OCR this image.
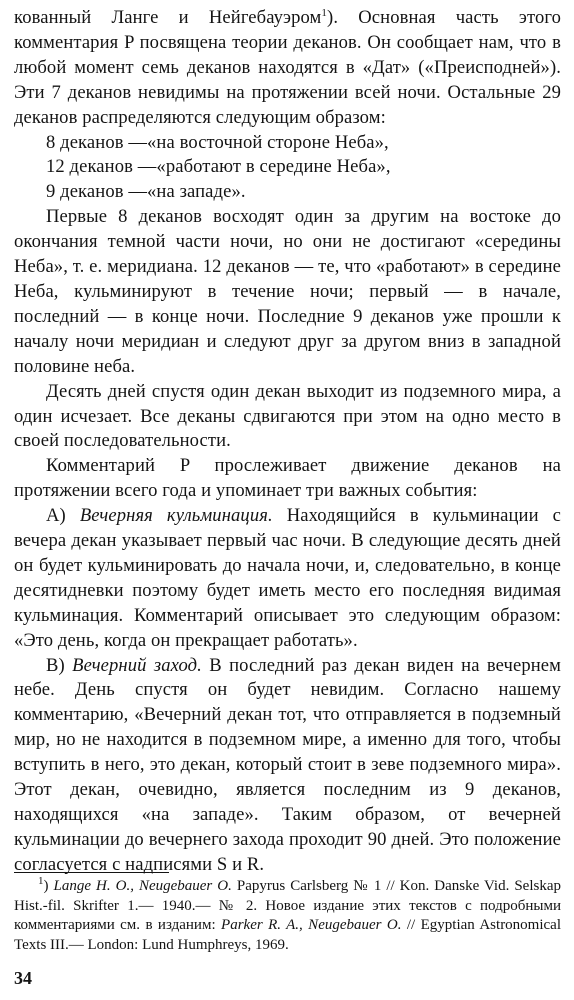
кованный Ланге и Нейгебауэром$^1$). Основная часть этого комментария P посвящена теории деканов. Он сообщает нам, что в любой момент семь деканов находятся в «Дат» («Преисподней»). Эти 7 деканов невидимы на протяжении всей ночи. Остальные 29 деканов распределяются следующим образом:

8 деканов —«на восточной стороне Неба»,

12 деканов —«работают в середине Неба»,

9 деканов —«на западе».

Первые 8 деканов восходят один за другим на востоке до окончания темной части ночи, но они не достигают «середины Неба», т. е. меридиана. 12 деканов — те, что «работают» в середине Неба, кульминируют в течение ночи; первый — в начале, последний — в конце ночи. Последние 9 деканов уже прошли к началу ночи меридиан и следуют друг за другом вниз в западной половине неба.

Десять дней спустя один декан выходит из подземного мира, а один исчезает. Все деканы сдвигаются при этом на одно место в своей последовательности.

Комментарий P прослеживает движение деканов на протяжении всего года и упоминает три важных события:

A) Вечерняя кульминация. Находящийся в кульминации с вечера декан указывает первый час ночи. В следующие десять дней он будет кульминировать до начала ночи, и, следовательно, в конце десятидневки поэтому будет иметь место его последняя видимая кульминация. Комментарий описывает это следующим образом: «Это день, когда он прекращает работать».

B) Вечерний заход. В последний раз декан виден на вечернем небе. День спустя он будет невидим. Согласно нашему комментарию, «Вечерний декан тот, что отправляется в подземный мир, но не находится в подземном мире, а именно для того, чтобы вступить в него, это декан, который стоит в зеве подземного мира». Этот декан, очевидно, является последним из 9 деканов, находящихся «на западе». Таким образом, от вечерней кульминации до вечернего захода проходит 90 дней. Это положение согласуется с надписями S и R.

$^1$) Lange H. O., Neugebauer O. Papyrus Carlsberg № 1 // Kon. Danske Vid. Selskap Hist.-fil. Skrifter 1.— 1940.— № 2. Новое издание этих текстов с подробными комментариями см. в изданим: Parker R. A., Neugebauer O. // Egyptian Astronomical Texts III.— London: Lund Humphreys, 1969.
34
